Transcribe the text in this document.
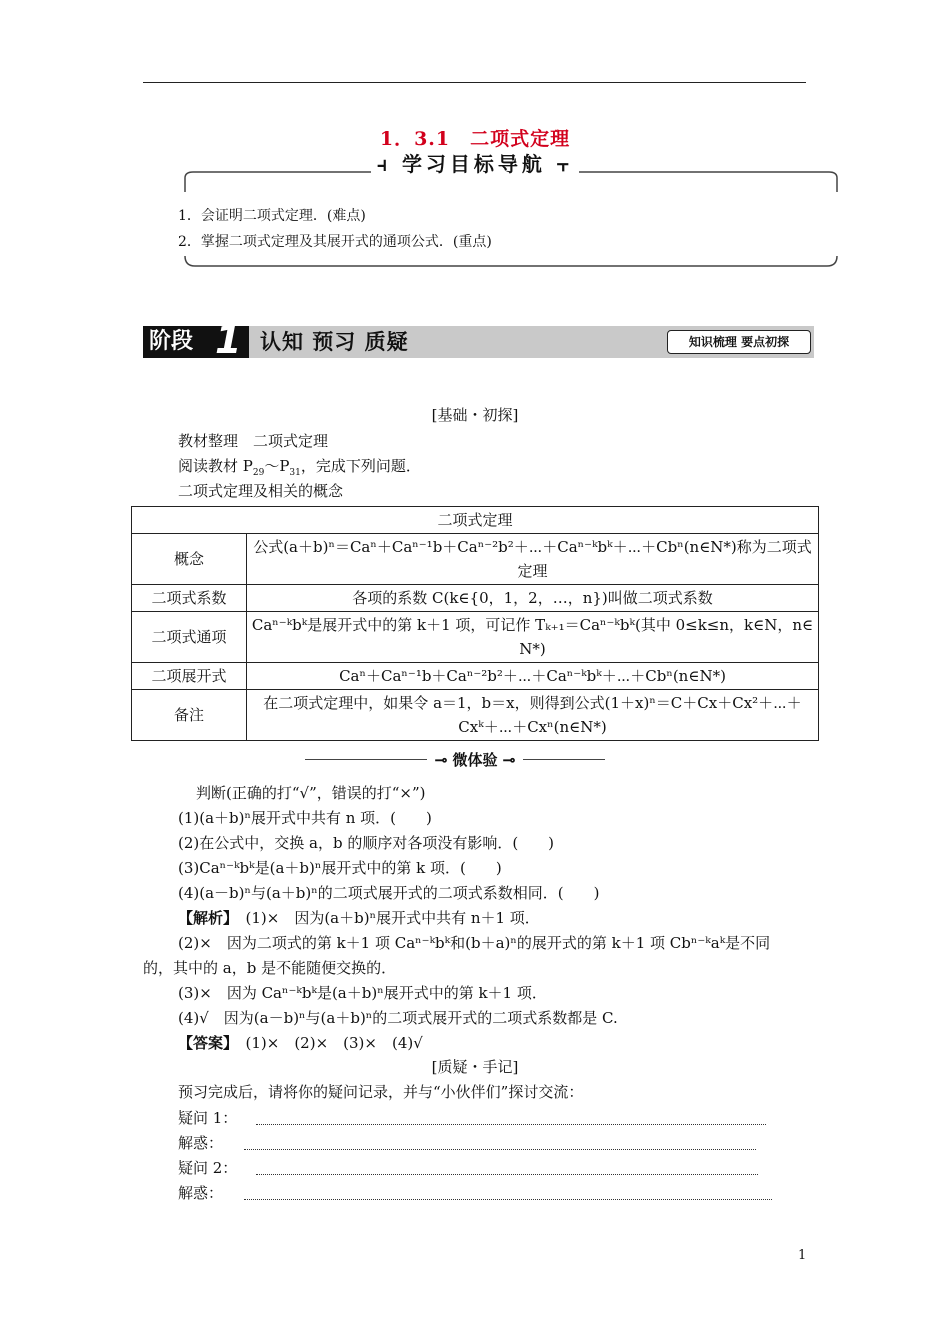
1．3.1　二项式定理
⫞ 学习目标导航 ⫟
1．会证明二项式定理．(难点)
2．掌握二项式定理及其展开式的通项公式．(重点)
阶段 1 认知 预习 质疑	知识梳理 要点初探
[基础・初探]
教材整理　二项式定理
阅读教材 $P_{29}\sim P_{31}$，完成下列问题．
二项式定理及相关的概念
二项式定理	
概念	公式(a＋b)ⁿ＝Caⁿ＋Caⁿ⁻¹b＋Caⁿ⁻²b²＋⋯＋Caⁿ⁻ᵏbᵏ＋⋯＋Cbⁿ(n∈N*)称为二项式定理
二项式系数	各项的系数 C(k∈{0，1，2，…，n})叫做二项式系数
二项式通项	Caⁿ⁻ᵏbᵏ是展开式中的第 k＋1 项，可记作 Tₖ₊₁＝Caⁿ⁻ᵏbᵏ(其中 0≤k≤n，k∈N，n∈ N*)
二项展开式	Caⁿ＋Caⁿ⁻¹b＋Caⁿ⁻²b²＋⋯＋Caⁿ⁻ᵏbᵏ＋⋯＋Cbⁿ(n∈N*)
备注	在二项式定理中，如果令 a＝1，b＝x，则得到公式(1＋x)ⁿ＝C＋Cx＋Cx²＋⋯＋Cxᵏ＋⋯＋Cxⁿ(n∈N*)
⊸ 微体验 ⊸
判断(正确的打“√”，错误的打“×”)
(1)(a＋b)ⁿ展开式中共有 n 项．(　　)
(2)在公式中，交换 a，b 的顺序对各项没有影响．(　　)
(3)Caⁿ⁻ᵏbᵏ是(a＋b)ⁿ展开式中的第 k 项．(　　)
(4)(a－b)ⁿ与(a＋b)ⁿ的二项式展开式的二项式系数相同．(　　)
【解析】　(1)×　因为(a＋b)ⁿ展开式中共有 n＋1 项．
(2)×　因为二项式的第 k＋1 项 Caⁿ⁻ᵏbᵏ和(b＋a)ⁿ的展开式的第 k＋1 项 Cbⁿ⁻ᵏaᵏ是不同
的，其中的 a，b 是不能随便交换的．
(3)×　因为 Caⁿ⁻ᵏbᵏ是(a＋b)ⁿ展开式中的第 k＋1 项．
(4)√　因为(a－b)ⁿ与(a＋b)ⁿ的二项式展开式的二项式系数都是 C.
【答案】　(1)×　(2)×　(3)×　(4)√
[质疑・手记]
预习完成后，请将你的疑问记录，并与“小伙伴们”探讨交流：
疑问 1：
解惑：
疑问 2：
解惑：
1
